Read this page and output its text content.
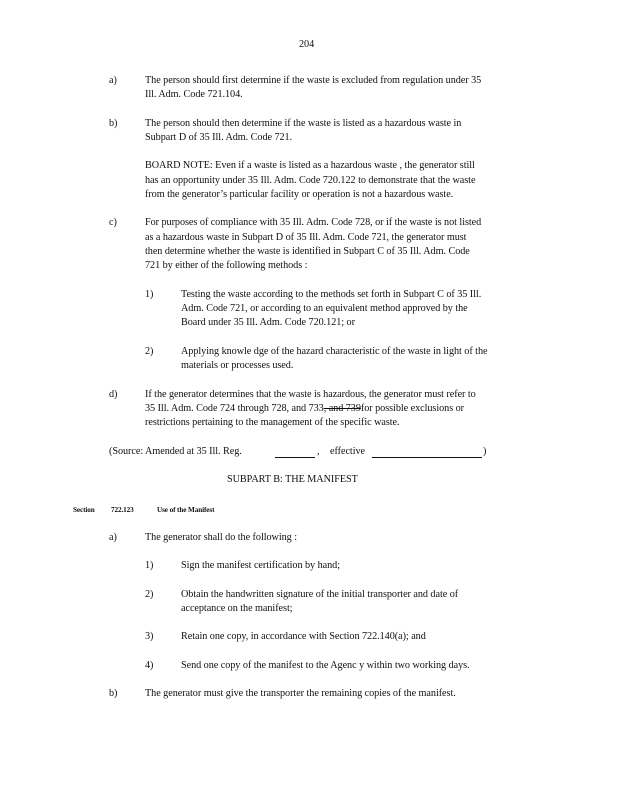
204
a)	The person should first determine if the waste is excluded from regulation under 35
Ill. Adm. Code 721.104.
b)	The person should then determine if the waste is listed as a hazardous waste in
Subpart D of 35 Ill. Adm. Code 721.
BOARD NOTE: Even if a waste is listed as a hazardous waste , the generator still
has an opportunity under 35 Ill. Adm. Code 720.122 to demonstrate that the waste
from the generator’s particular facility or operation is not a hazardous waste.
c)	For purposes of compliance with 35 Ill. Adm. Code 728, or if the waste is not listed
as a hazardous waste in Subpart D of 35 Ill. Adm. Code 721, the generator must
then determine whether the waste is identified in Subpart C of 35 Ill. Adm. Code
721 by either of the following methods :
1)	Testing the waste according to the methods set forth in Subpart C of 35 Ill.
Adm. Code 721, or according to an equivalent method approved by the
Board under 35 Ill. Adm. Code 720.121; or
2)	Applying knowle dge of the hazard characteristic of the waste in light of the
materials or processes used.
d)	If the generator determines that the waste is hazardous, the generator must refer to
35 Ill. Adm. Code 724 through 728, and 733, and 739for possible exclusions or
restrictions pertaining to the management of the specific waste.
(Source: Amended at 35 Ill. Reg.	, effective	)
SUBPART B: THE MANIFEST
Section 722.123	Use of the Manifest
a)	The generator shall do the following :
1)	Sign the manifest certification by hand;
2)	Obtain the handwritten signature of the initial transporter and date of
acceptance on the manifest;
3)	Retain one copy, in accordance with Section 722.140(a); and
4)	Send one copy of the manifest to the Agenc y within two working days.
b)	The generator must give the transporter the remaining copies of the manifest.
